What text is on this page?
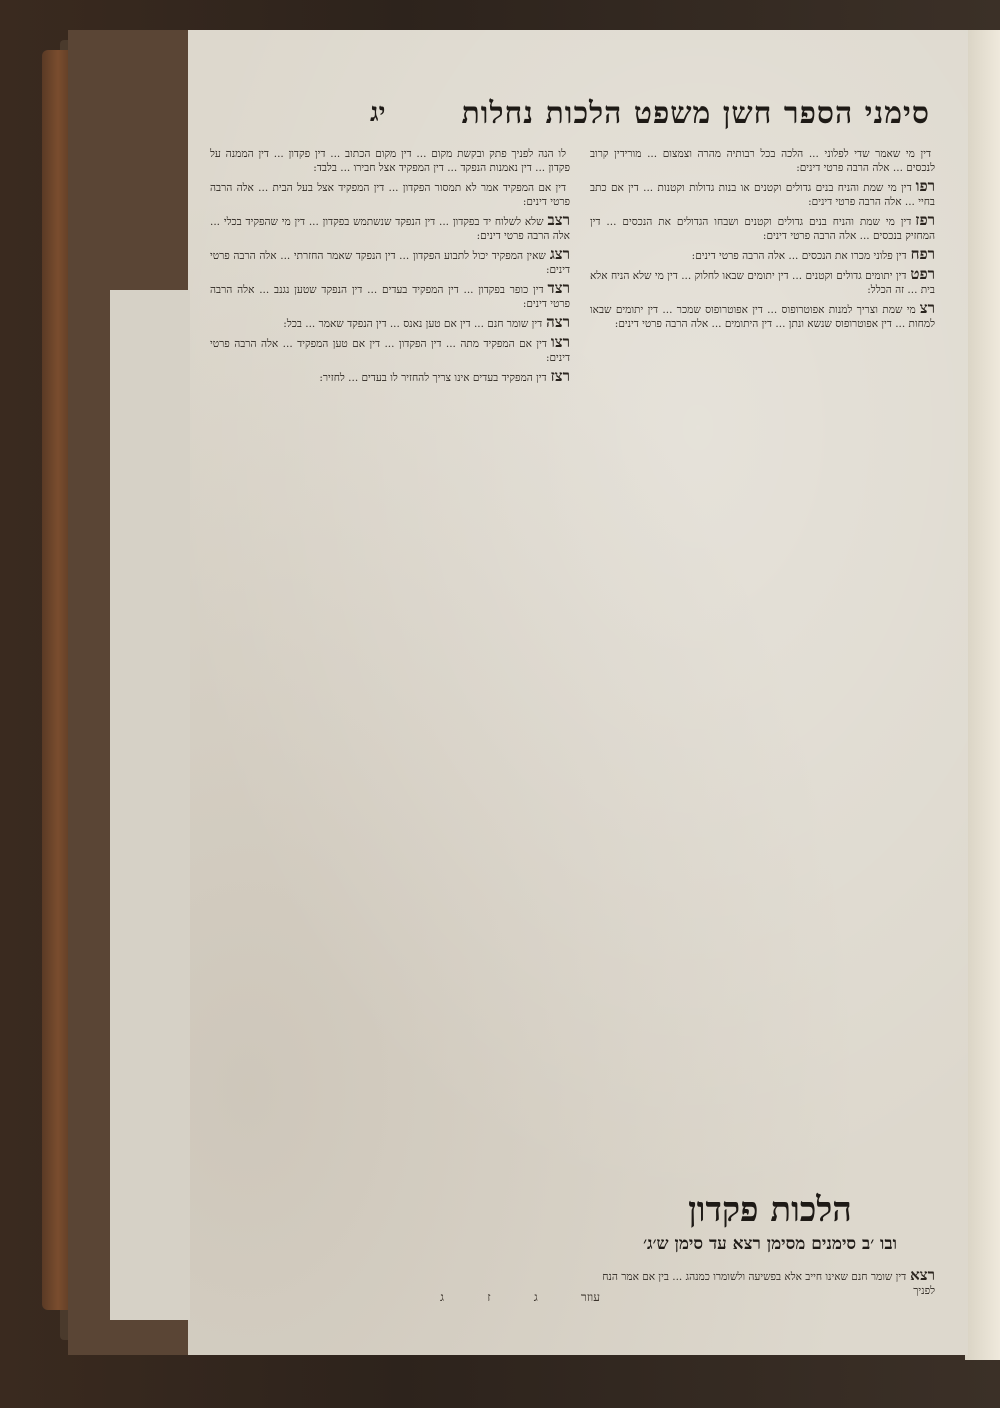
סימני הספר חשן משפט הלכות נחלות
יג
דין מי שאמר שדי לפלוני ... הלכה בכל רבותיה מהרה וצמצום ... מורידין קרוב לנכסים ... אלה הרבה פרטי דינים:
רפודין מי שמת והניח בנים גדולים וקטנים או בנות גדולות וקטנות ... דין אם כתב בחיי ... אלה הרבה פרטי דינים:
רפזדין מי שמת והניח בנים גדולים וקטנים ושבחו הגדולים את הנכסים ... דין המחזיק בנכסים ... אלה הרבה פרטי דינים:
רפחדין פלוני מכרו את הנכסים ... אלה הרבה פרטי דינים:
רפטדין יתומים גדולים וקטנים ... דין יתומים שבאו לחלוק ... דין מי שלא הניח אלא בית ... זה הכלל:
רצמי שמת וצריך למנות אפוטרופוס ... דין אפוטרופוס שמכר ... דין יתומים שבאו למחות ... דין אפוטרופוס שנשא ונתן ... דין היתומים ... אלה הרבה פרטי דינים:
לו הנה לפניך פתק ובקשת מקום ... דין מקום הכתוב ... דין פקדון ... דין הממנה על פקדון ... דין נאמנות הנפקד ... דין המפקיד אצל חבירו ... בלבד:
דין אם המפקיד אמר לא תמסור הפקדון ... דין המפקיד אצל בעל הבית ... אלה הרבה פרטי דינים:
רצבשלא לשלוח יד בפקדון ... דין הנפקד שנשתמש בפקדון ... דין מי שהפקיד בכלי ... אלה הרבה פרטי דינים:
רצגשאין המפקיד יכול לתבוע הפקדון ... דין הנפקד שאמר החזרתי ... אלה הרבה פרטי דינים:
רצדדין כופר בפקדון ... דין המפקיד בעדים ... דין הנפקד שטען נגנב ... אלה הרבה פרטי דינים:
רצהדין שומר חנם ... דין אם טען נאנס ... דין הנפקד שאמר ... בכל:
רצודין אם המפקיד מתה ... דין הפקדון ... דין אם טען המפקיד ... אלה הרבה פרטי דינים:
רצזדין המפקיד בעדים אינו צריך להחזיר לו בעדים ... לחזיר:
הלכות פקדון
ובו ׳ב סימנים מסימן רצא עד סימן ש׳ג׳
רצאדין שומר חנם שאינו חייב אלא בפשיעה ולשומרו כמנהג ... בין אם אמר הנח לפניך
עוזר
ג
ז
ג
